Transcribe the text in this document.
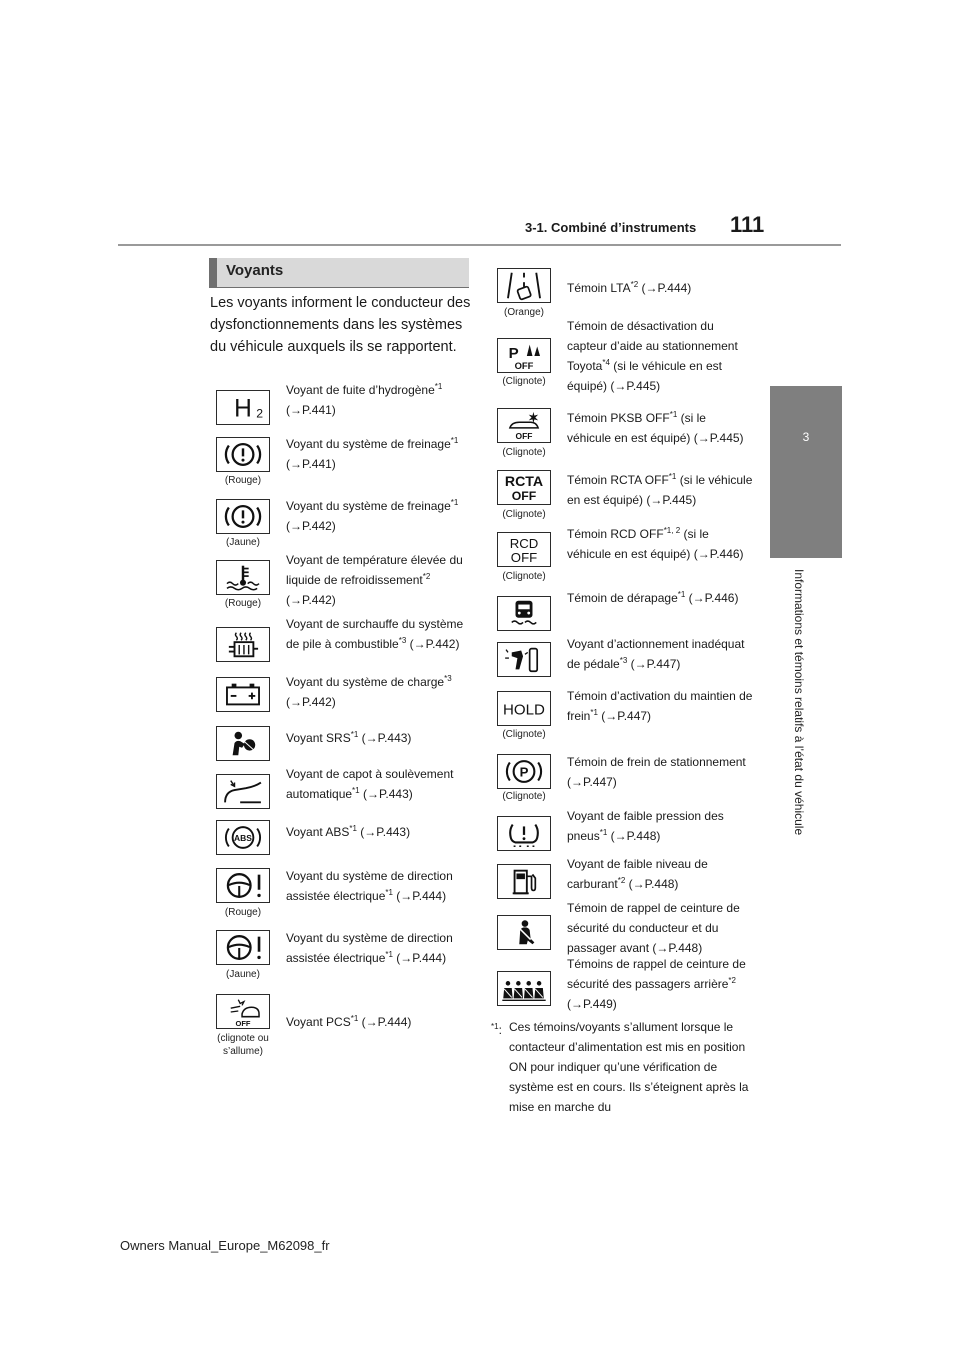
3-1. Combiné d’instruments 111
3
Informations et témoins relatifs à l’état du véhicule
Voyants

Les voyants informent le conducteur des dysfonctionnements dans les systèmes du véhicule auxquels ils se rapportent.

H 2
Voyant de fuite d’hydrogène$^{*1}$ (→P.441)
(Rouge)
Voyant du système de freinage$^{*1}$ (→P.441)
(Jaune)
Voyant du système de freinage$^{*1}$ (→P.442)
(Rouge)
Voyant de température élevée du liquide de refroidissement$^{*2}$ (→P.442)
Voyant de surchauffe du système de pile à combustible$^{*3}$ (→P.442)
Voyant du système de charge$^{*3}$ (→P.442)
Voyant SRS$^{*1}$ (→P.443)
Voyant de capot à soulèvement automatique$^{*1}$ (→P.443)
ABS	Voyant ABS$^{*1}$ (→P.443)
(Rouge)
Voyant du système de direction assistée électrique$^{*1}$ (→P.444)
(Jaune)
Voyant du système de direction assistée électrique$^{*1}$ (→P.444)
OFF
(clignote ou s’allume)
Voyant PCS$^{*1}$ (→P.444)
(Orange)
Témoin LTA$^{*2}$ (→P.444)
P
OFF
(Clignote)
Témoin de désactivation du capteur d’aide au stationnement Toyota$^{*4}$ (si le véhicule en est équipé) (→P.445)
OFF
(Clignote)
Témoin PKSB OFF$^{*1}$ (si le véhicule en est équipé) (→P.445)
RCTA
OFF
(Clignote)
Témoin RCTA OFF$^{*1}$ (si le véhicule en est équipé) (→P.445)
RCD
OFF
(Clignote)
Témoin RCD OFF$^{*1, 2}$ (si le véhicule en est équipé) (→P.446)
Témoin de dérapage$^{*1}$ (→P.446)
Voyant d’actionnement inadéquat de pédale$^{*3}$ (→P.447)
HOLD
(Clignote)
Témoin d’activation du maintien de frein$^{*1}$ (→P.447)
P
(Clignote)
Témoin de frein de stationnement (→P.447)
Voyant de faible pression des pneus$^{*1}$ (→P.448)
Voyant de faible niveau de carburant$^{*2}$ (→P.448)
Témoin de rappel de ceinture de sécurité du conducteur et du passager avant (→P.448)
Témoins de rappel de ceinture de sécurité des passagers arrière$^{*2}$ (→P.449)
$^{*1}$: Ces témoins/voyants s’allument lorsque le contacteur d’alimentation est mis en position ON pour indiquer qu’une vérification de système est en cours. Ils s’éteignent après la mise en marche du
Owners Manual_Europe_M62098_fr
